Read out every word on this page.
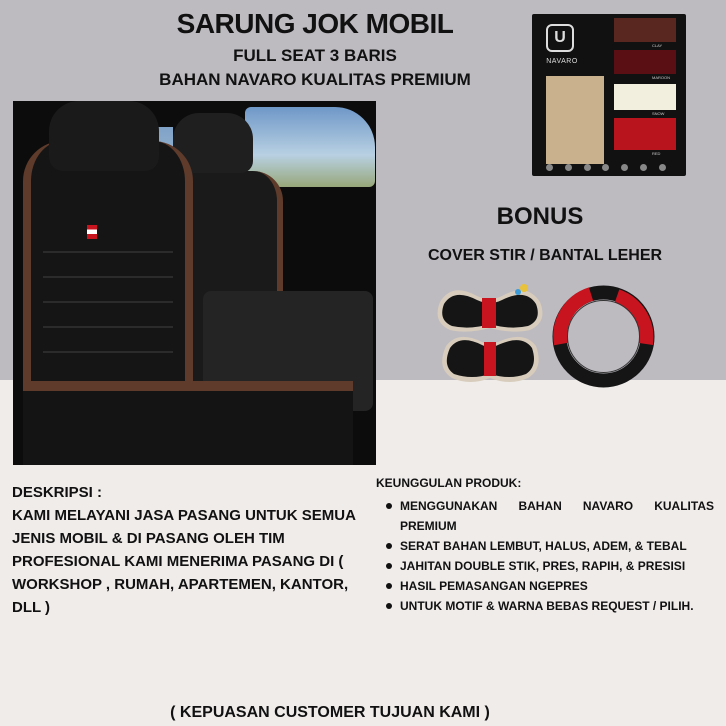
SARUNG JOK MOBIL
FULL SEAT 3 BARIS
BAHAN NAVARO KUALITAS PREMIUM
U
NAVARO
CLAY
MAROON
SNOW
RED
BONUS
COVER STIR / BANTAL LEHER
DESKRIPSI :
KAMI MELAYANI JASA PASANG UNTUK SEMUA JENIS MOBIL & DI PASANG OLEH TIM PROFESIONAL KAMI MENERIMA PASANG DI ( WORKSHOP , RUMAH, APARTEMEN, KANTOR, DLL )
KEUNGGULAN PRODUK:
MENGGUNAKAN BAHAN NAVARO KUALITAS PREMIUM
SERAT BAHAN LEMBUT, HALUS, ADEM, & TEBAL
JAHITAN DOUBLE STIK, PRES, RAPIH, & PRESISI
HASIL PEMASANGAN NGEPRES
UNTUK MOTIF & WARNA BEBAS REQUEST / PILIH.
( KEPUASAN CUSTOMER TUJUAN KAMI )
